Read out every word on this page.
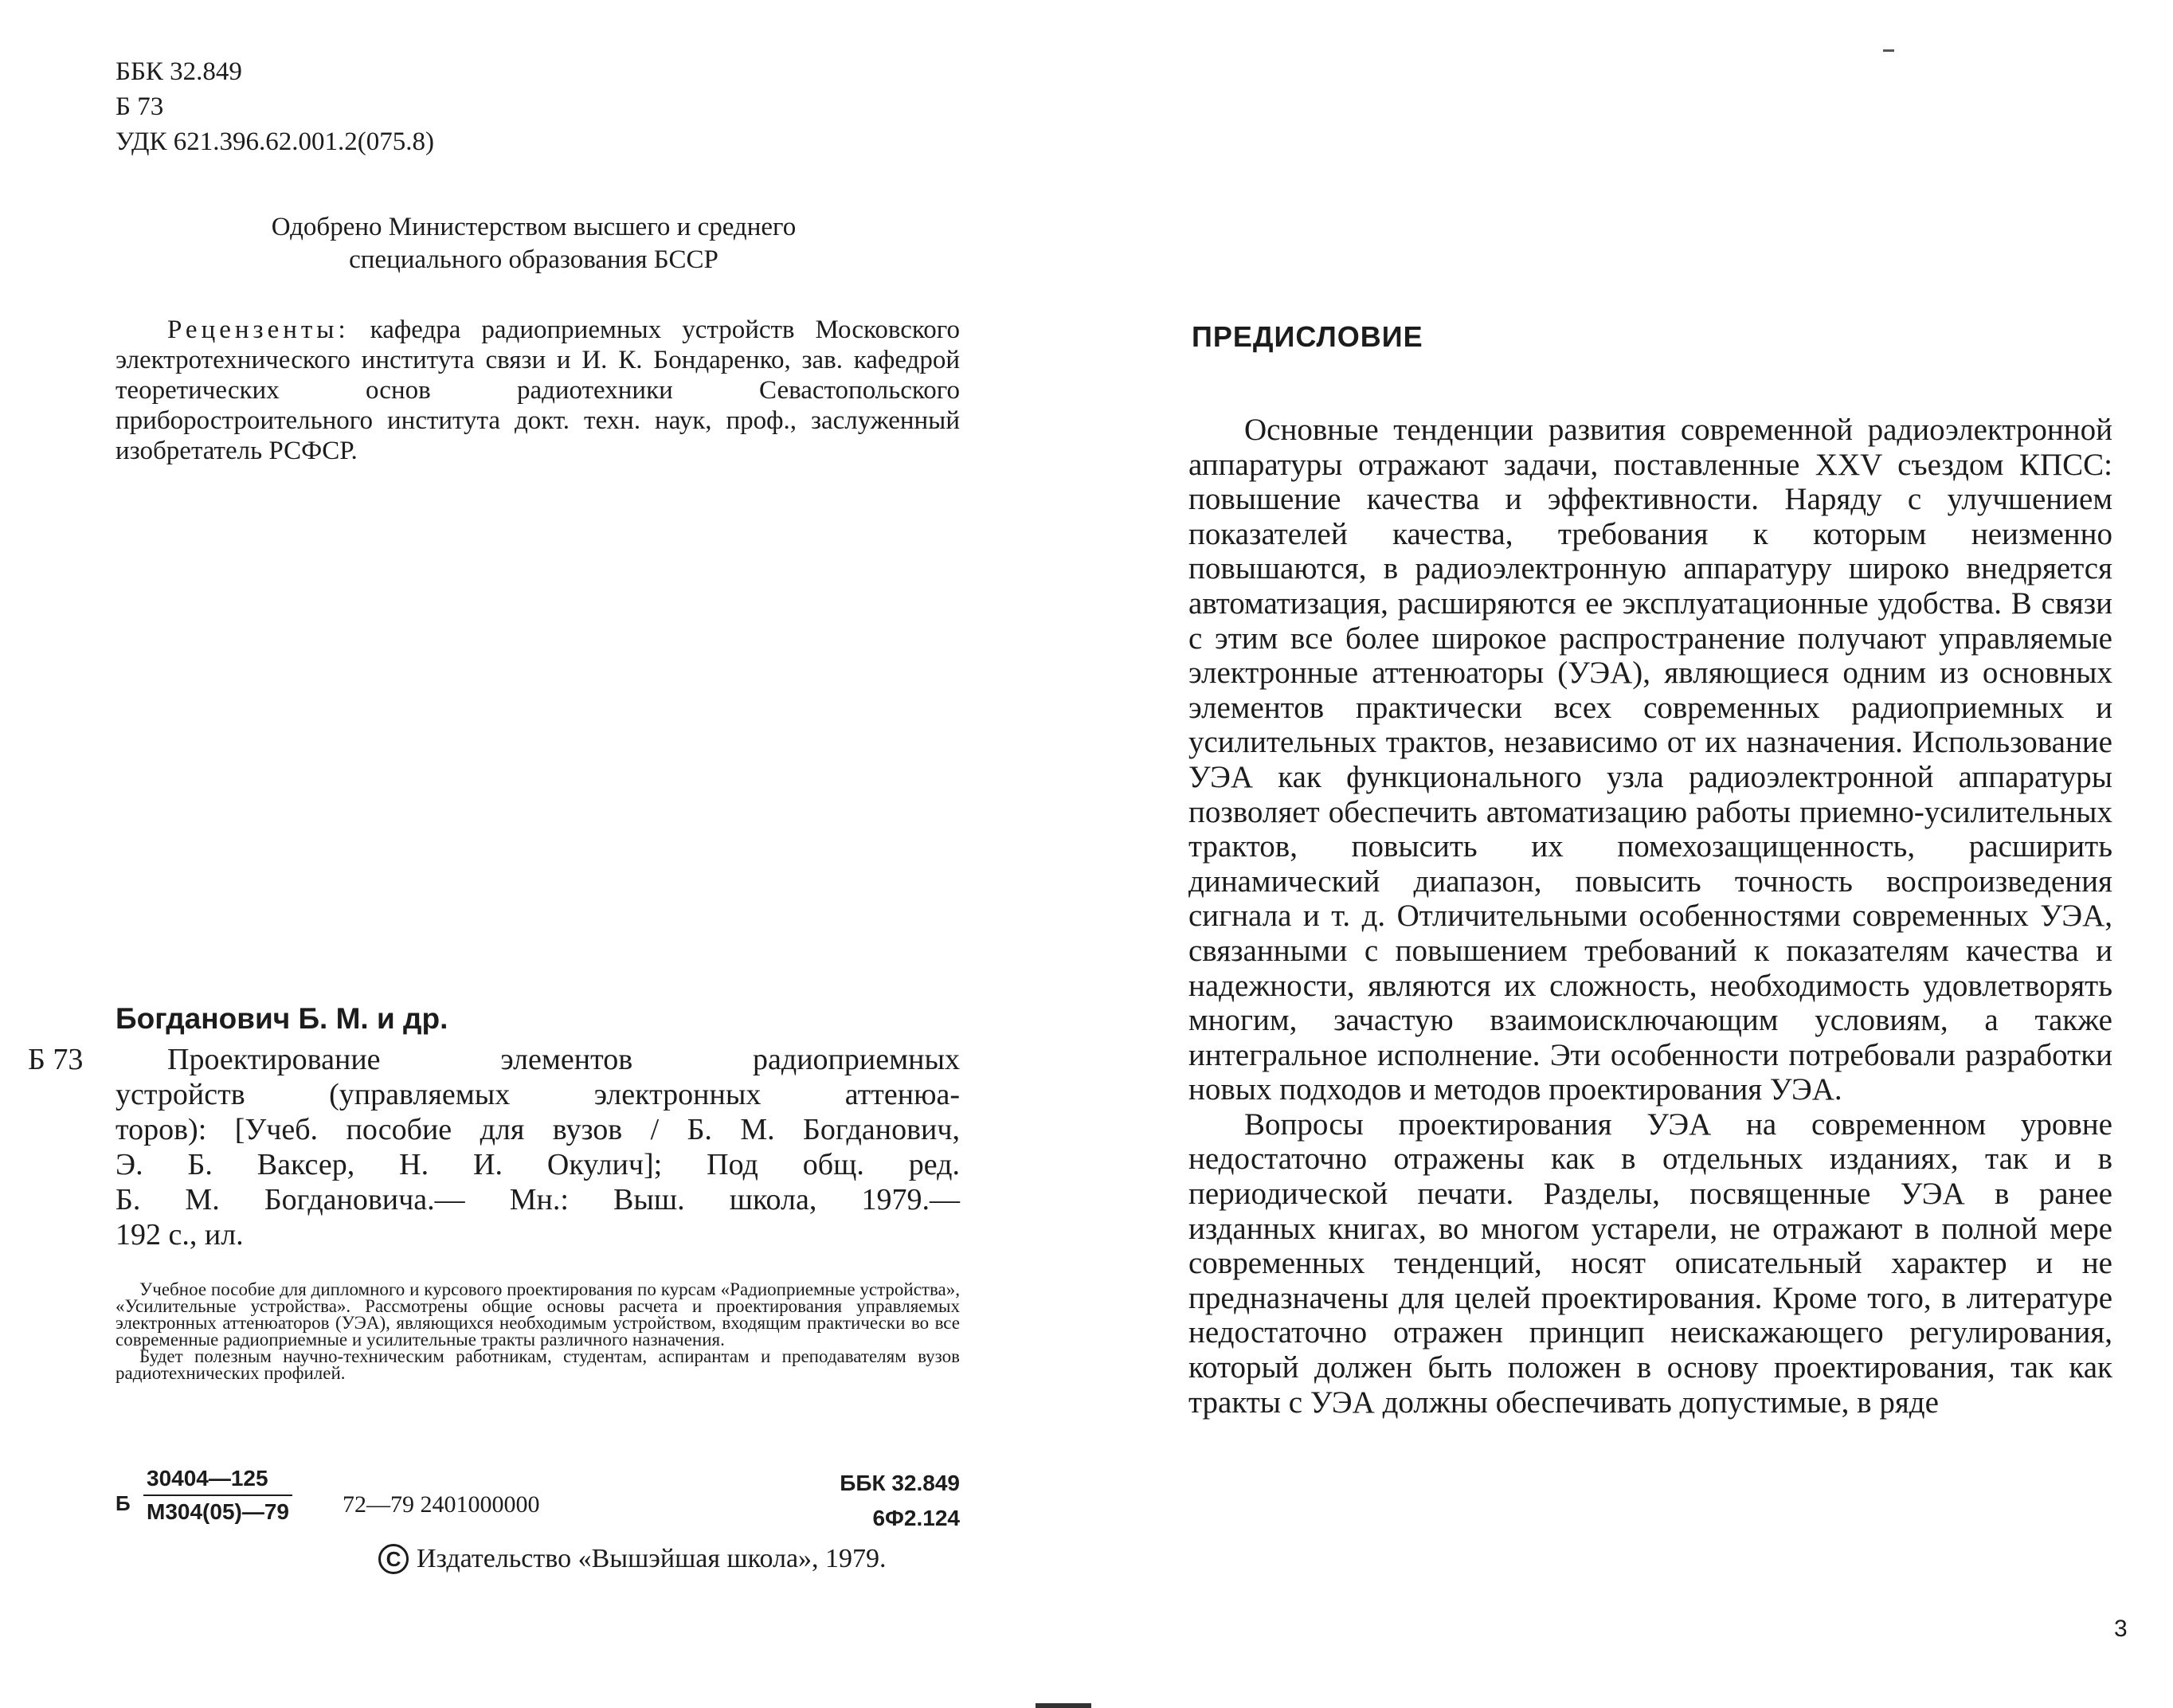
ББК 32.849
Б 73
УДК 621.396.62.001.2(075.8)
Одобрено Министерством высшего и среднего
специального образования БССР

Рецензенты: кафедра радиоприемных устройств Московского электротехнического института связи и И. К. Бондаренко, зав. кафедрой теоретических основ радиотехники Севастопольского приборостроительного института докт. техн. наук, проф., заслуженный изобретатель РСФСР.

Богданович Б. М. и др.
Б 73	Проектирование	элементов	радиоприемных
устройств	(управляемых	электронных	аттенюа-
торов): [Учеб. пособие для вузов / Б. М. Богданович,
Э. Б. Ваксер, Н. И. Окулич]; Под общ. ред.
Б. М. Богдановича.— Мн.: Выш. школа, 1979.—
192 с., ил.

Учебное пособие для дипломного и курсового проектирования по курсам «Радиоприемные устройства», «Усилительные устройства». Рассмотрены общие основы расчета и проектирования управляемых электронных аттенюаторов (УЭА), являющихся необходимым устройством, входящим практически во все современные радиоприемные и усилительные тракты различного назначения.

Будет полезным научно-техническим работникам, студентам, аспирантам и преподавателям вузов радиотехнических профилей.

Б
30404—125
М304(05)—79 72—79 2401000000
ББК 32.849
6Ф2.124
C Издательство «Вышэйшая школа», 1979.
ПРЕДИСЛОВИЕ

Основные тенденции развития современной радиоэлектронной аппаратуры отражают задачи, поставленные XXV съездом КПСС: повышение качества и эффективности. Наряду с улучшением показателей качества, требования к которым неизменно повышаются, в радиоэлектронную аппаратуру широко внедряется автоматизация, расширяются ее эксплуатационные удобства. В связи с этим все более широкое распространение получают управляемые электронные аттенюаторы (УЭА), являющиеся одним из основных элементов практически всех современных радиоприемных и усилительных трактов, независимо от их назначения. Использование УЭА как функционального узла радиоэлектронной аппаратуры позволяет обеспечить автоматизацию работы приемно-усилительных трактов, повысить их помехозащищенность, расширить динамический диапазон, повысить точность воспроизведения сигнала и т. д. Отличительными особенностями современных УЭА, связанными с повышением требований к показателям качества и надежности, являются их сложность, необходимость удовлетворять многим, зачастую взаимоисключающим условиям, а также интегральное исполнение. Эти особенности потребовали разработки новых подходов и методов проектирования УЭА.

Вопросы проектирования УЭА на современном уровне недостаточно отражены как в отдельных изданиях, так и в периодической печати. Разделы, посвященные УЭА в ранее изданных книгах, во многом устарели, не отражают в полной мере современных тенденций, носят описательный характер и не предназначены для целей проектирования. Кроме того, в литературе недостаточно отражен принцип неискажающего регулирования, который должен быть положен в основу проектирования, так как тракты с УЭА должны обеспечивать допустимые, в ряде

3
